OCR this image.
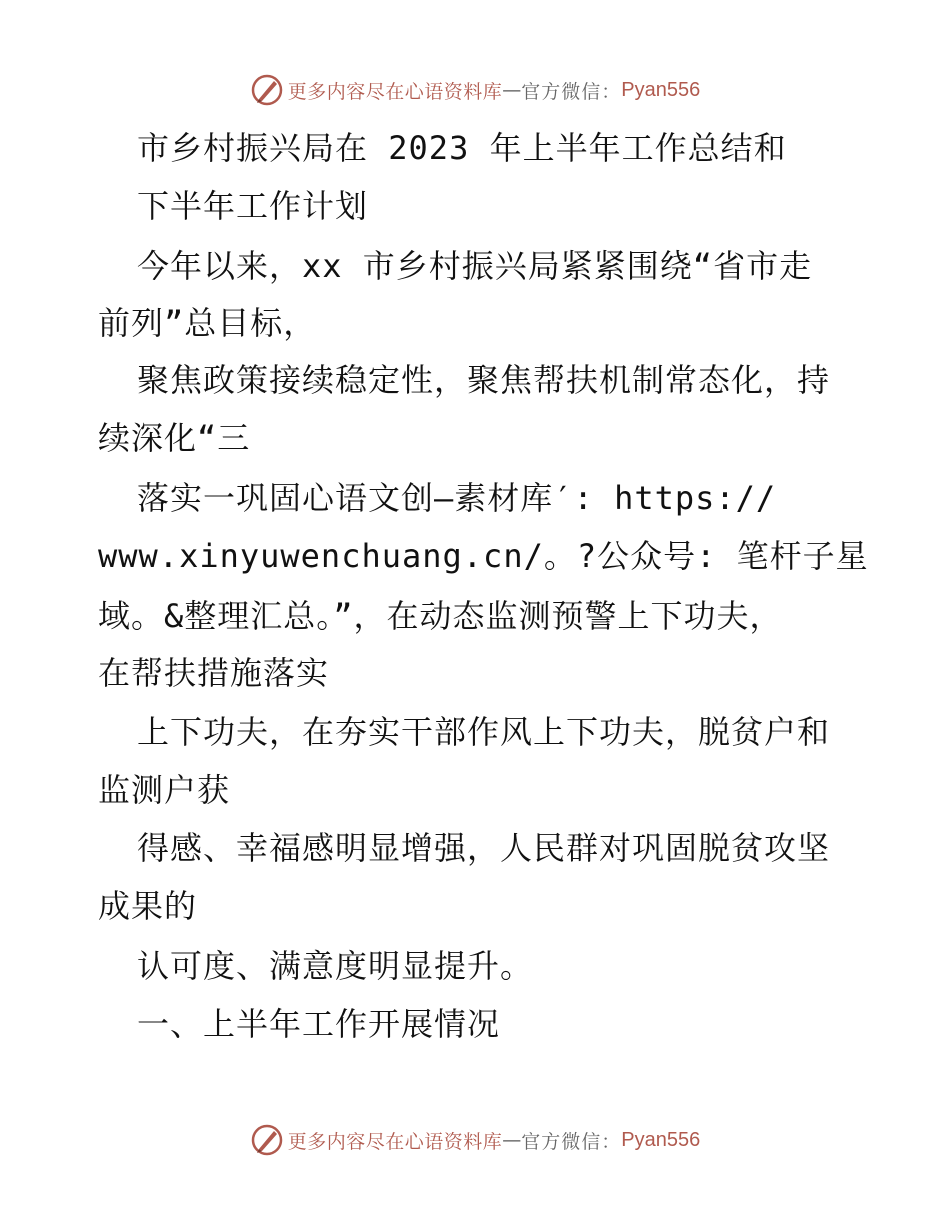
更多内容尽在心语资料库 — 官方微信： Pyan556
市乡村振兴局在 2023 年上半年工作总结和
下半年工作计划
今年以来，xx 市乡村振兴局紧紧围绕“省市走
前列”总目标，
聚焦政策接续稳定性，聚焦帮扶机制常态化，持
续深化“三
落实一巩固心语文创—素材库′: https://
www.xinyuwenchuang.cn/。?公众号: 笔杆子星
域。&整理汇总。”，在动态监测预警上下功夫，
在帮扶措施落实
上下功夫，在夯实干部作风上下功夫，脱贫户和
监测户获
得感、幸福感明显增强，人民群对巩固脱贫攻坚
成果的
认可度、满意度明显提升。
一、上半年工作开展情况
更多内容尽在心语资料库 — 官方微信： Pyan556
